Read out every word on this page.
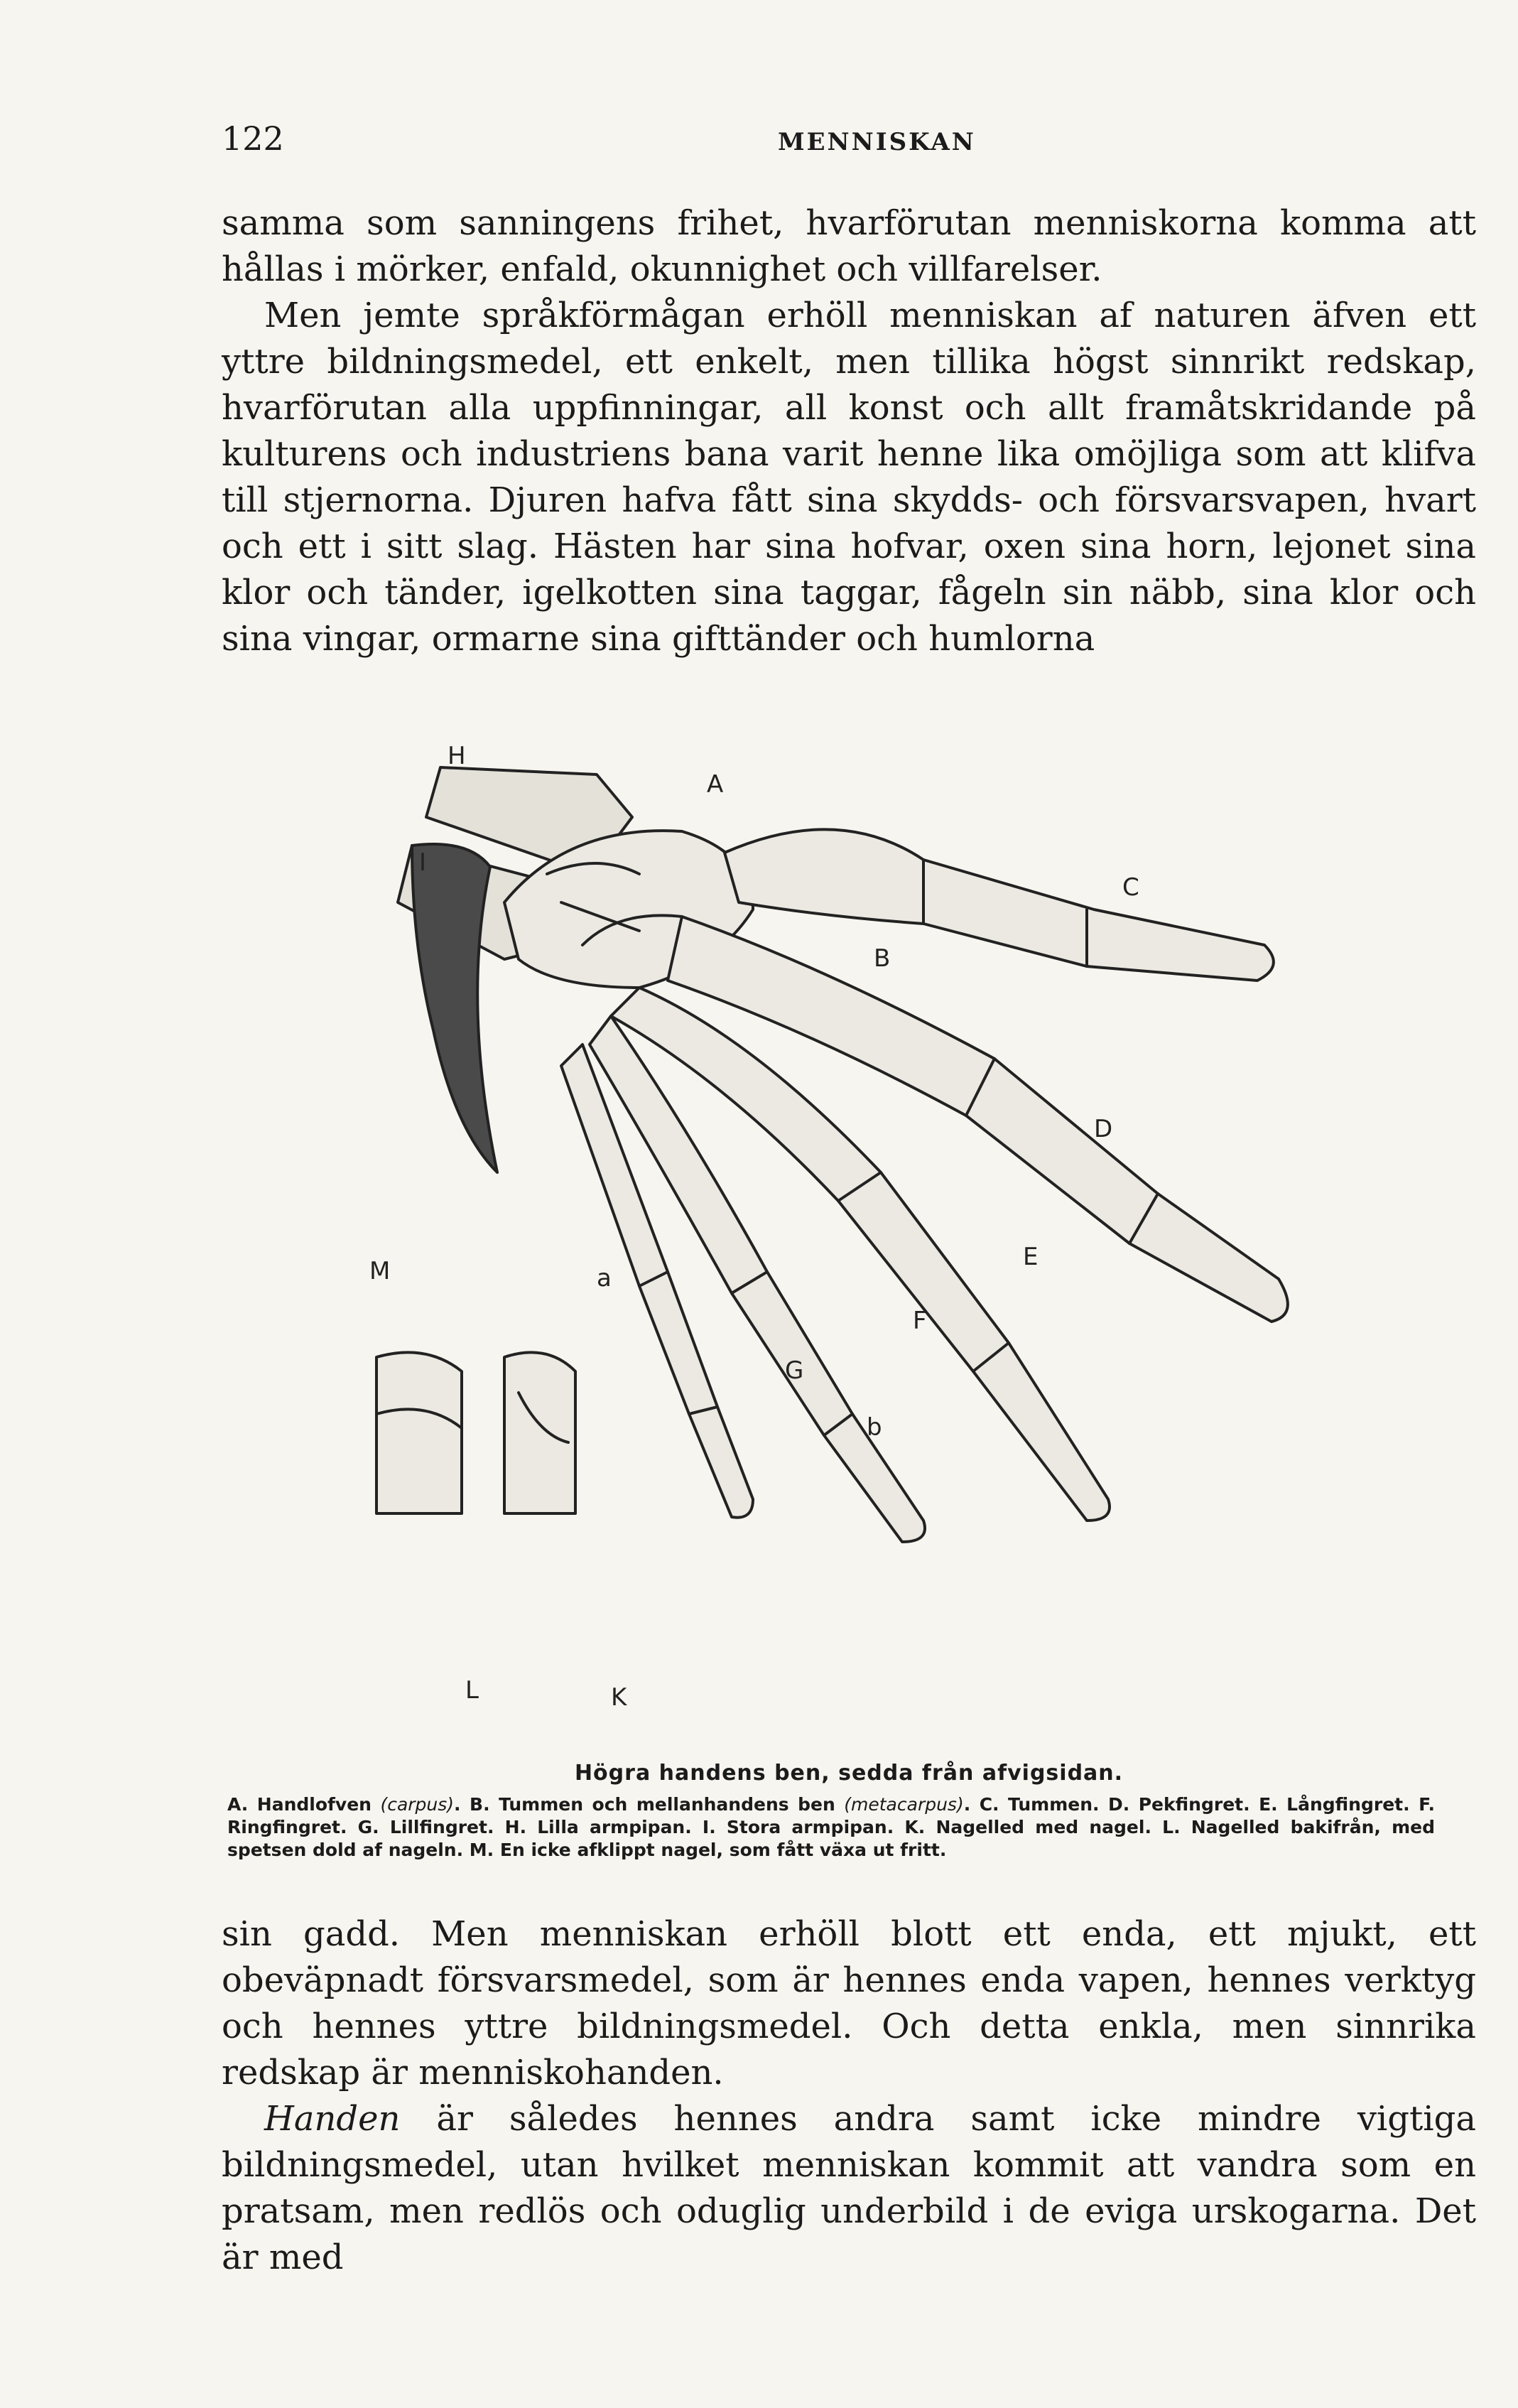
122	MENNISKAN

samma som sanningens frihet, hvarförutan menniskorna komma att hållas i mörker, enfald, okunnighet och villfarelser.

Men jemte språkförmågan erhöll menniskan af naturen äfven ett yttre bildningsmedel, ett enkelt, men tillika högst sinnrikt redskap, hvarförutan alla uppfinningar, all konst och allt framåtskridande på kulturens och industriens bana varit henne lika omöjliga som att klifva till stjernorna. Djuren hafva fått sina skydds- och försvarsvapen, hvart och ett i sitt slag. Hästen har sina hofvar, oxen sina horn, lejonet sina klor och tänder, igelkotten sina taggar, fågeln sin näbb, sina klor och sina vingar, ormarne sina gifttänder och humlorna

H
A
I
C
B
D
E
M	a
F
G
b
L	K
Högra handens ben, sedda från afvigsidan.
A. Handlofven (carpus). B. Tummen och mellanhandens ben (metacarpus). C. Tummen. D. Pekfingret. E. Långfingret. F. Ringfingret. G. Lillfingret. H. Lilla armpipan. I. Stora armpipan. K. Nagelled med nagel. L. Nagelled bakifrån, med spetsen dold af nageln. M. En icke afklippt nagel, som fått växa ut fritt.

sin gadd. Men menniskan erhöll blott ett enda, ett mjukt, ett obeväpnadt försvarsmedel, som är hennes enda vapen, hennes verktyg och hennes yttre bildningsmedel. Och detta enkla, men sinnrika redskap är menniskohanden.

Handen är således hennes andra samt icke mindre vigtiga bildningsmedel, utan hvilket menniskan kommit att vandra som en pratsam, men redlös och oduglig underbild i de eviga urskogarna. Det är med
